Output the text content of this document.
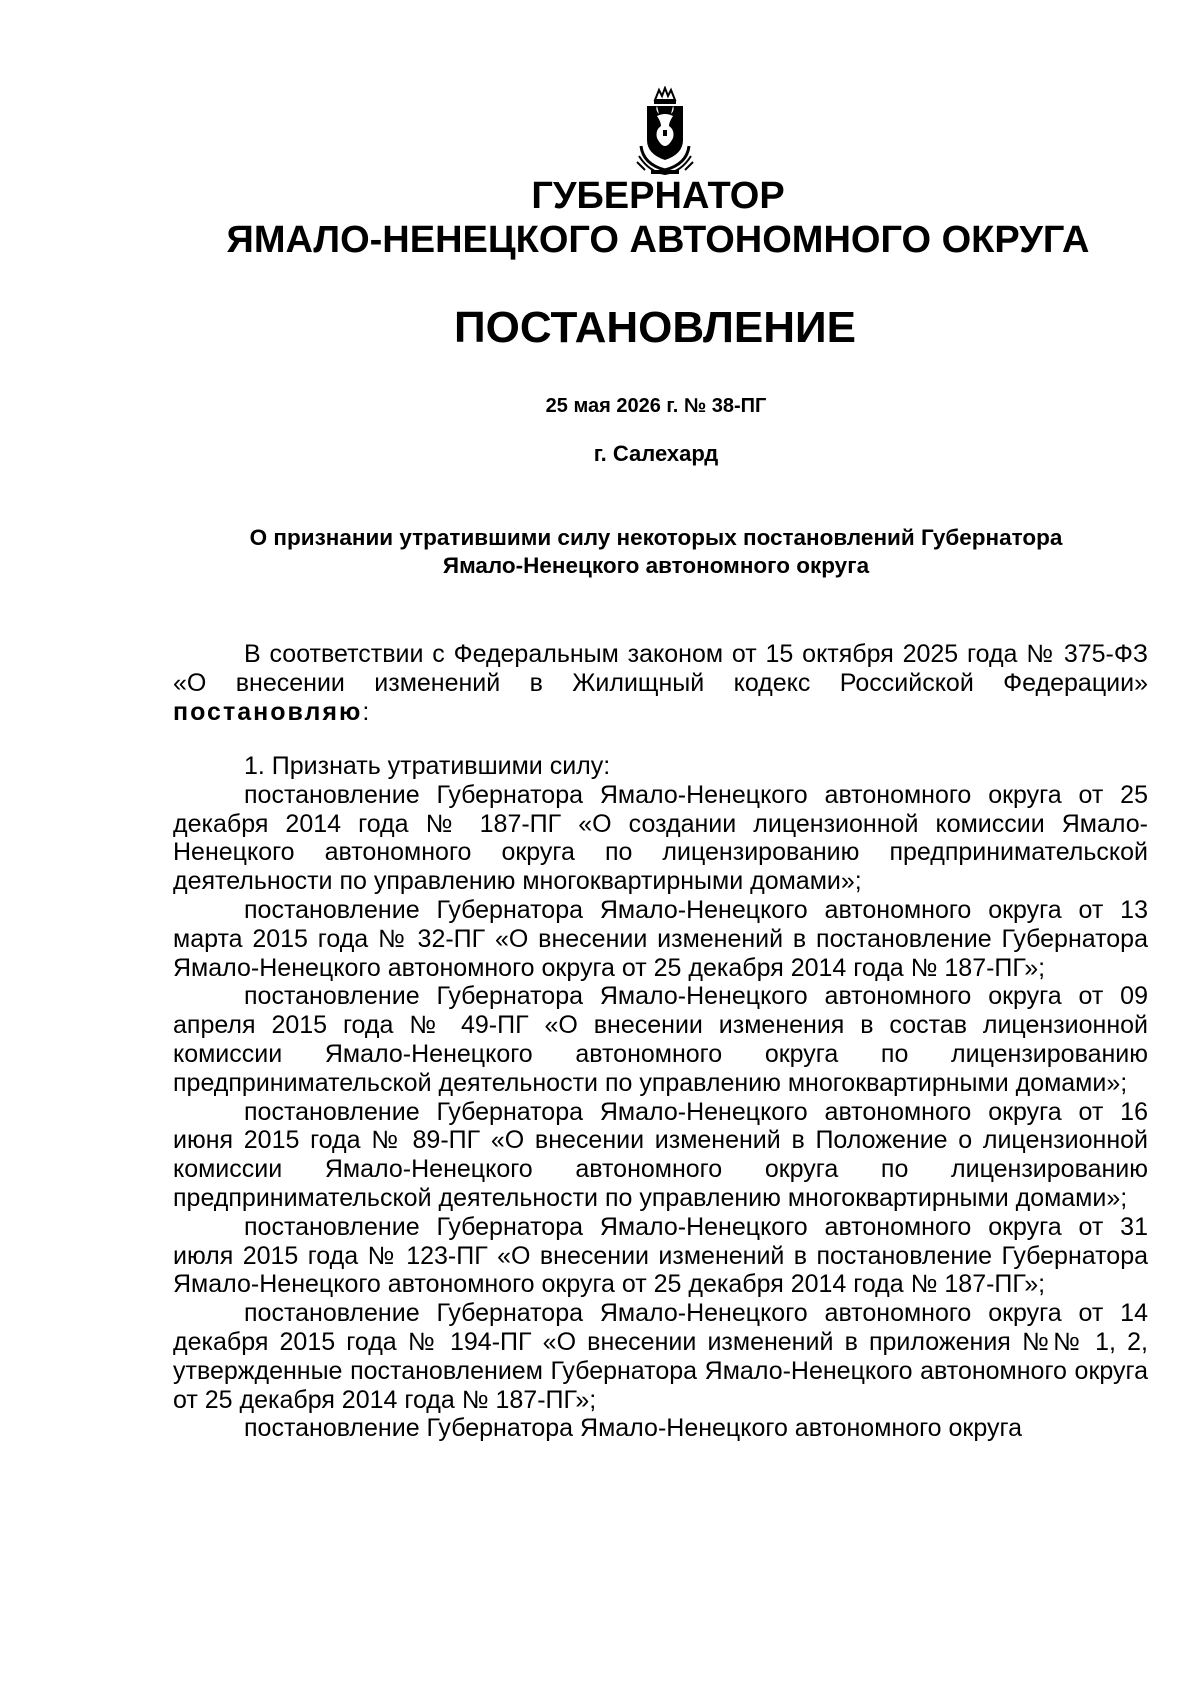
ГУБЕРНАТОР
ЯМАЛО-НЕНЕЦКОГО АВТОНОМНОГО ОКРУГА
ПОСТАНОВЛЕНИЕ
25 мая 2026 г. № 38-ПГ
г. Салехард
О признании утратившими силу некоторых постановлений Губернатора
Ямало-Ненецкого автономного округа

В соответствии с Федеральным законом от 15 октября 2025 года № 375-ФЗ «О внесении изменений в Жилищный кодекс Российской Федерации» постановляю:

1. Признать утратившими силу:

постановление Губернатора Ямало-Ненецкого автономного округа от 25 декабря 2014 года № 187-ПГ «О создании лицензионной комиссии Ямало-Ненецкого автономного округа по лицензированию предпринимательской деятельности по управлению многоквартирными домами»;

постановление Губернатора Ямало-Ненецкого автономного округа от 13 марта 2015 года № 32-ПГ «О внесении изменений в постановление Губернатора Ямало-Ненецкого автономного округа от 25 декабря 2014 года № 187-ПГ»;

постановление Губернатора Ямало-Ненецкого автономного округа от 09 апреля 2015 года № 49-ПГ «О внесении изменения в состав лицензионной комиссии Ямало-Ненецкого автономного округа по лицензированию предпринимательской деятельности по управлению многоквартирными домами»;

постановление Губернатора Ямало-Ненецкого автономного округа от 16 июня 2015 года № 89-ПГ «О внесении изменений в Положение о лицензионной комиссии Ямало-Ненецкого автономного округа по лицензированию предпринимательской деятельности по управлению многоквартирными домами»;

постановление Губернатора Ямало-Ненецкого автономного округа от 31 июля 2015 года № 123-ПГ «О внесении изменений в постановление Губернатора Ямало-Ненецкого автономного округа от 25 декабря 2014 года № 187-ПГ»;

постановление Губернатора Ямало-Ненецкого автономного округа от 14 декабря 2015 года № 194-ПГ «О внесении изменений в приложения №№ 1, 2, утвержденные постановлением Губернатора Ямало-Ненецкого автономного округа от 25 декабря 2014 года № 187-ПГ»;

постановление Губернатора Ямало-Ненецкого автономного округа
